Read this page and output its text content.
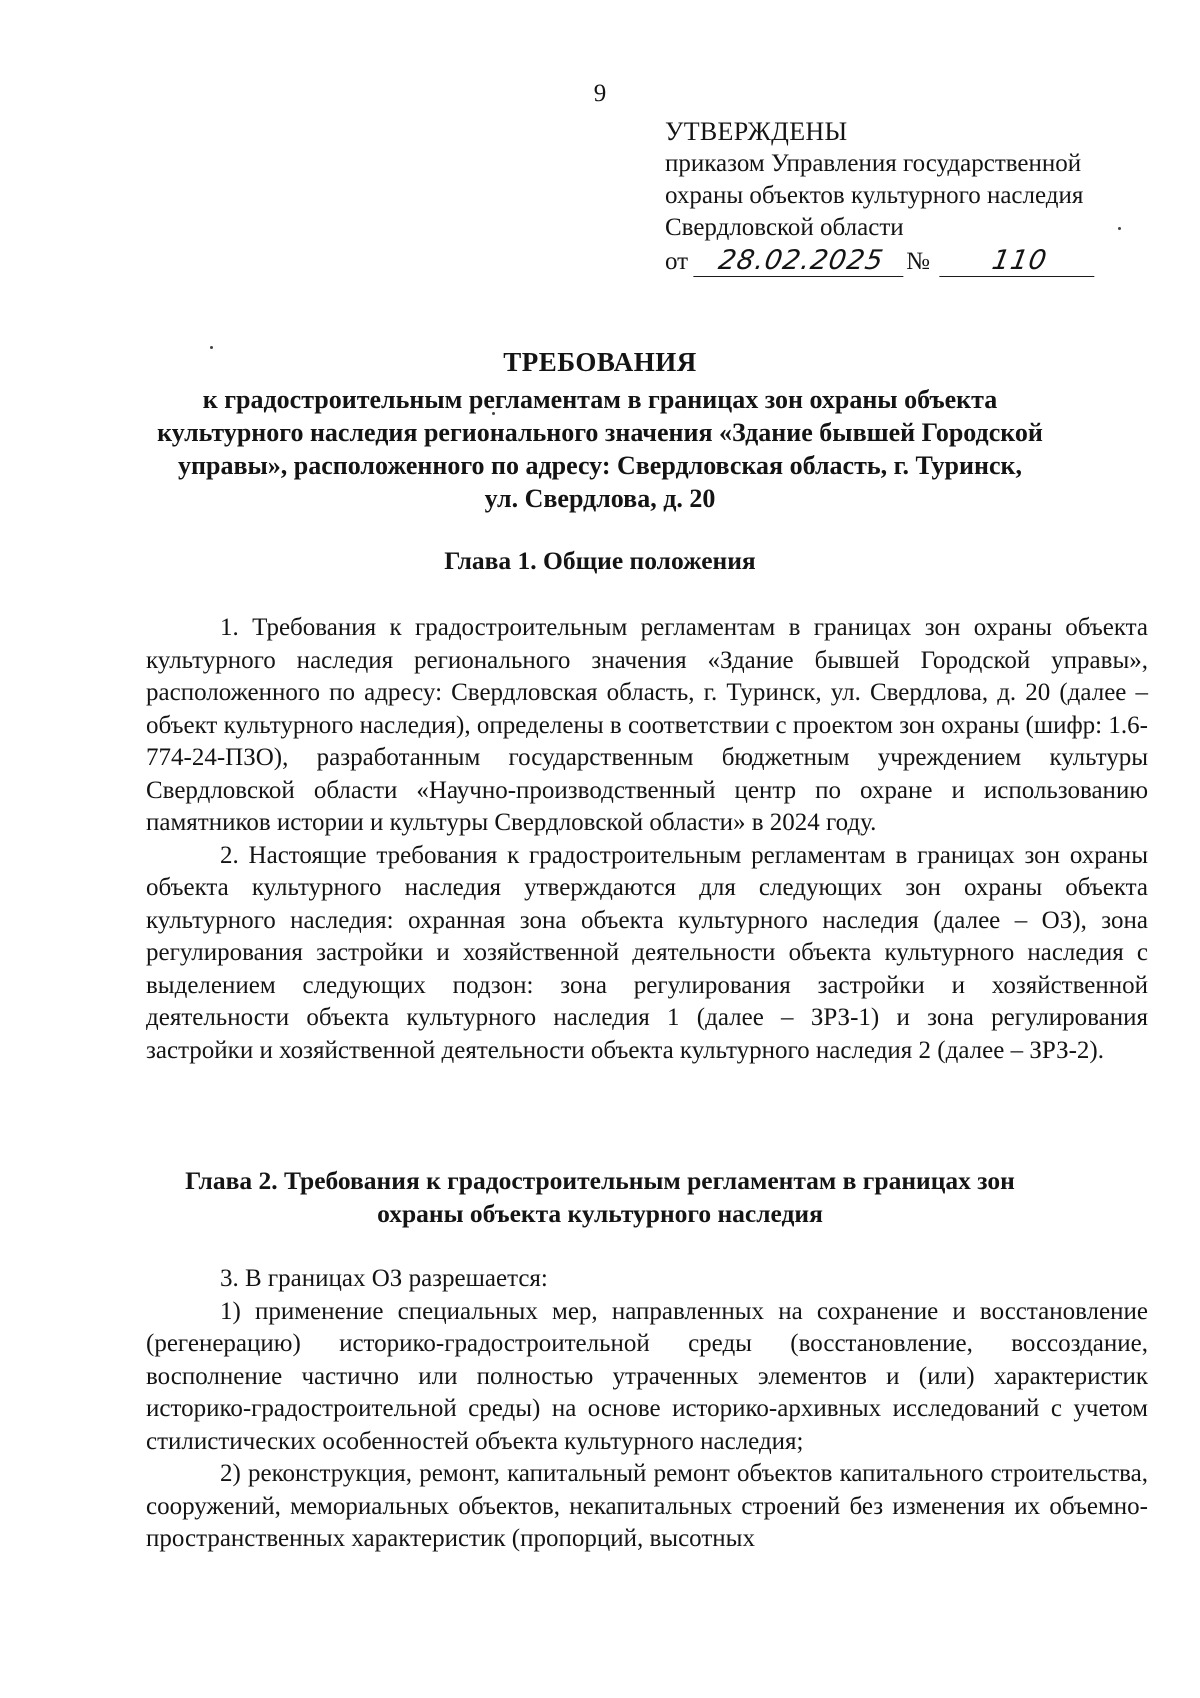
9
УТВЕРЖДЕНЫ
приказом Управления государственной
охраны объектов культурного наследия
Свердловской области
от 28.02.2025 № 110
ТРЕБОВАНИЯ
к градостроительным регламентам в границах зон охраны объекта
культурного наследия регионального значения «Здание бывшей Городской
управы», расположенного по адресу: Свердловская область, г. Туринск,
ул. Свердлова, д. 20
Глава 1. Общие положения

1. Требования к градостроительным регламентам в границах зон охраны объекта культурного наследия регионального значения «Здание бывшей Городской управы», расположенного по адресу: Свердловская область, г. Туринск, ул. Свердлова, д. 20 (далее – объект культурного наследия), определены в соответствии с проектом зон охраны (шифр: 1.6-774-24-ПЗО), разработанным государственным бюджетным учреждением культуры Свердловской области «Научно-производственный центр по охране и использованию памятников истории и культуры Свердловской области» в 2024 году.

2. Настоящие требования к градостроительным регламентам в границах зон охраны объекта культурного наследия утверждаются для следующих зон охраны объекта культурного наследия: охранная зона объекта культурного наследия (далее – ОЗ), зона регулирования застройки и хозяйственной деятельности объекта культурного наследия с выделением следующих подзон: зона регулирования застройки и хозяйственной деятельности объекта культурного наследия 1 (далее – ЗРЗ-1) и зона регулирования застройки и хозяйственной деятельности объекта культурного наследия 2 (далее – ЗРЗ-2).

Глава 2. Требования к градостроительным регламентам в границах зон
охраны объекта культурного наследия

3. В границах ОЗ разрешается:

1) применение специальных мер, направленных на сохранение и восстановление (регенерацию) историко-градостроительной среды (восстановление, воссоздание, восполнение частично или полностью утраченных элементов и (или) характеристик историко-градостроительной среды) на основе историко-архивных исследований с учетом стилистических особенностей объекта культурного наследия;

2) реконструкция, ремонт, капитальный ремонт объектов капитального строительства, сооружений, мемориальных объектов, некапитальных строений без изменения их объемно-пространственных характеристик (пропорций, высотных
